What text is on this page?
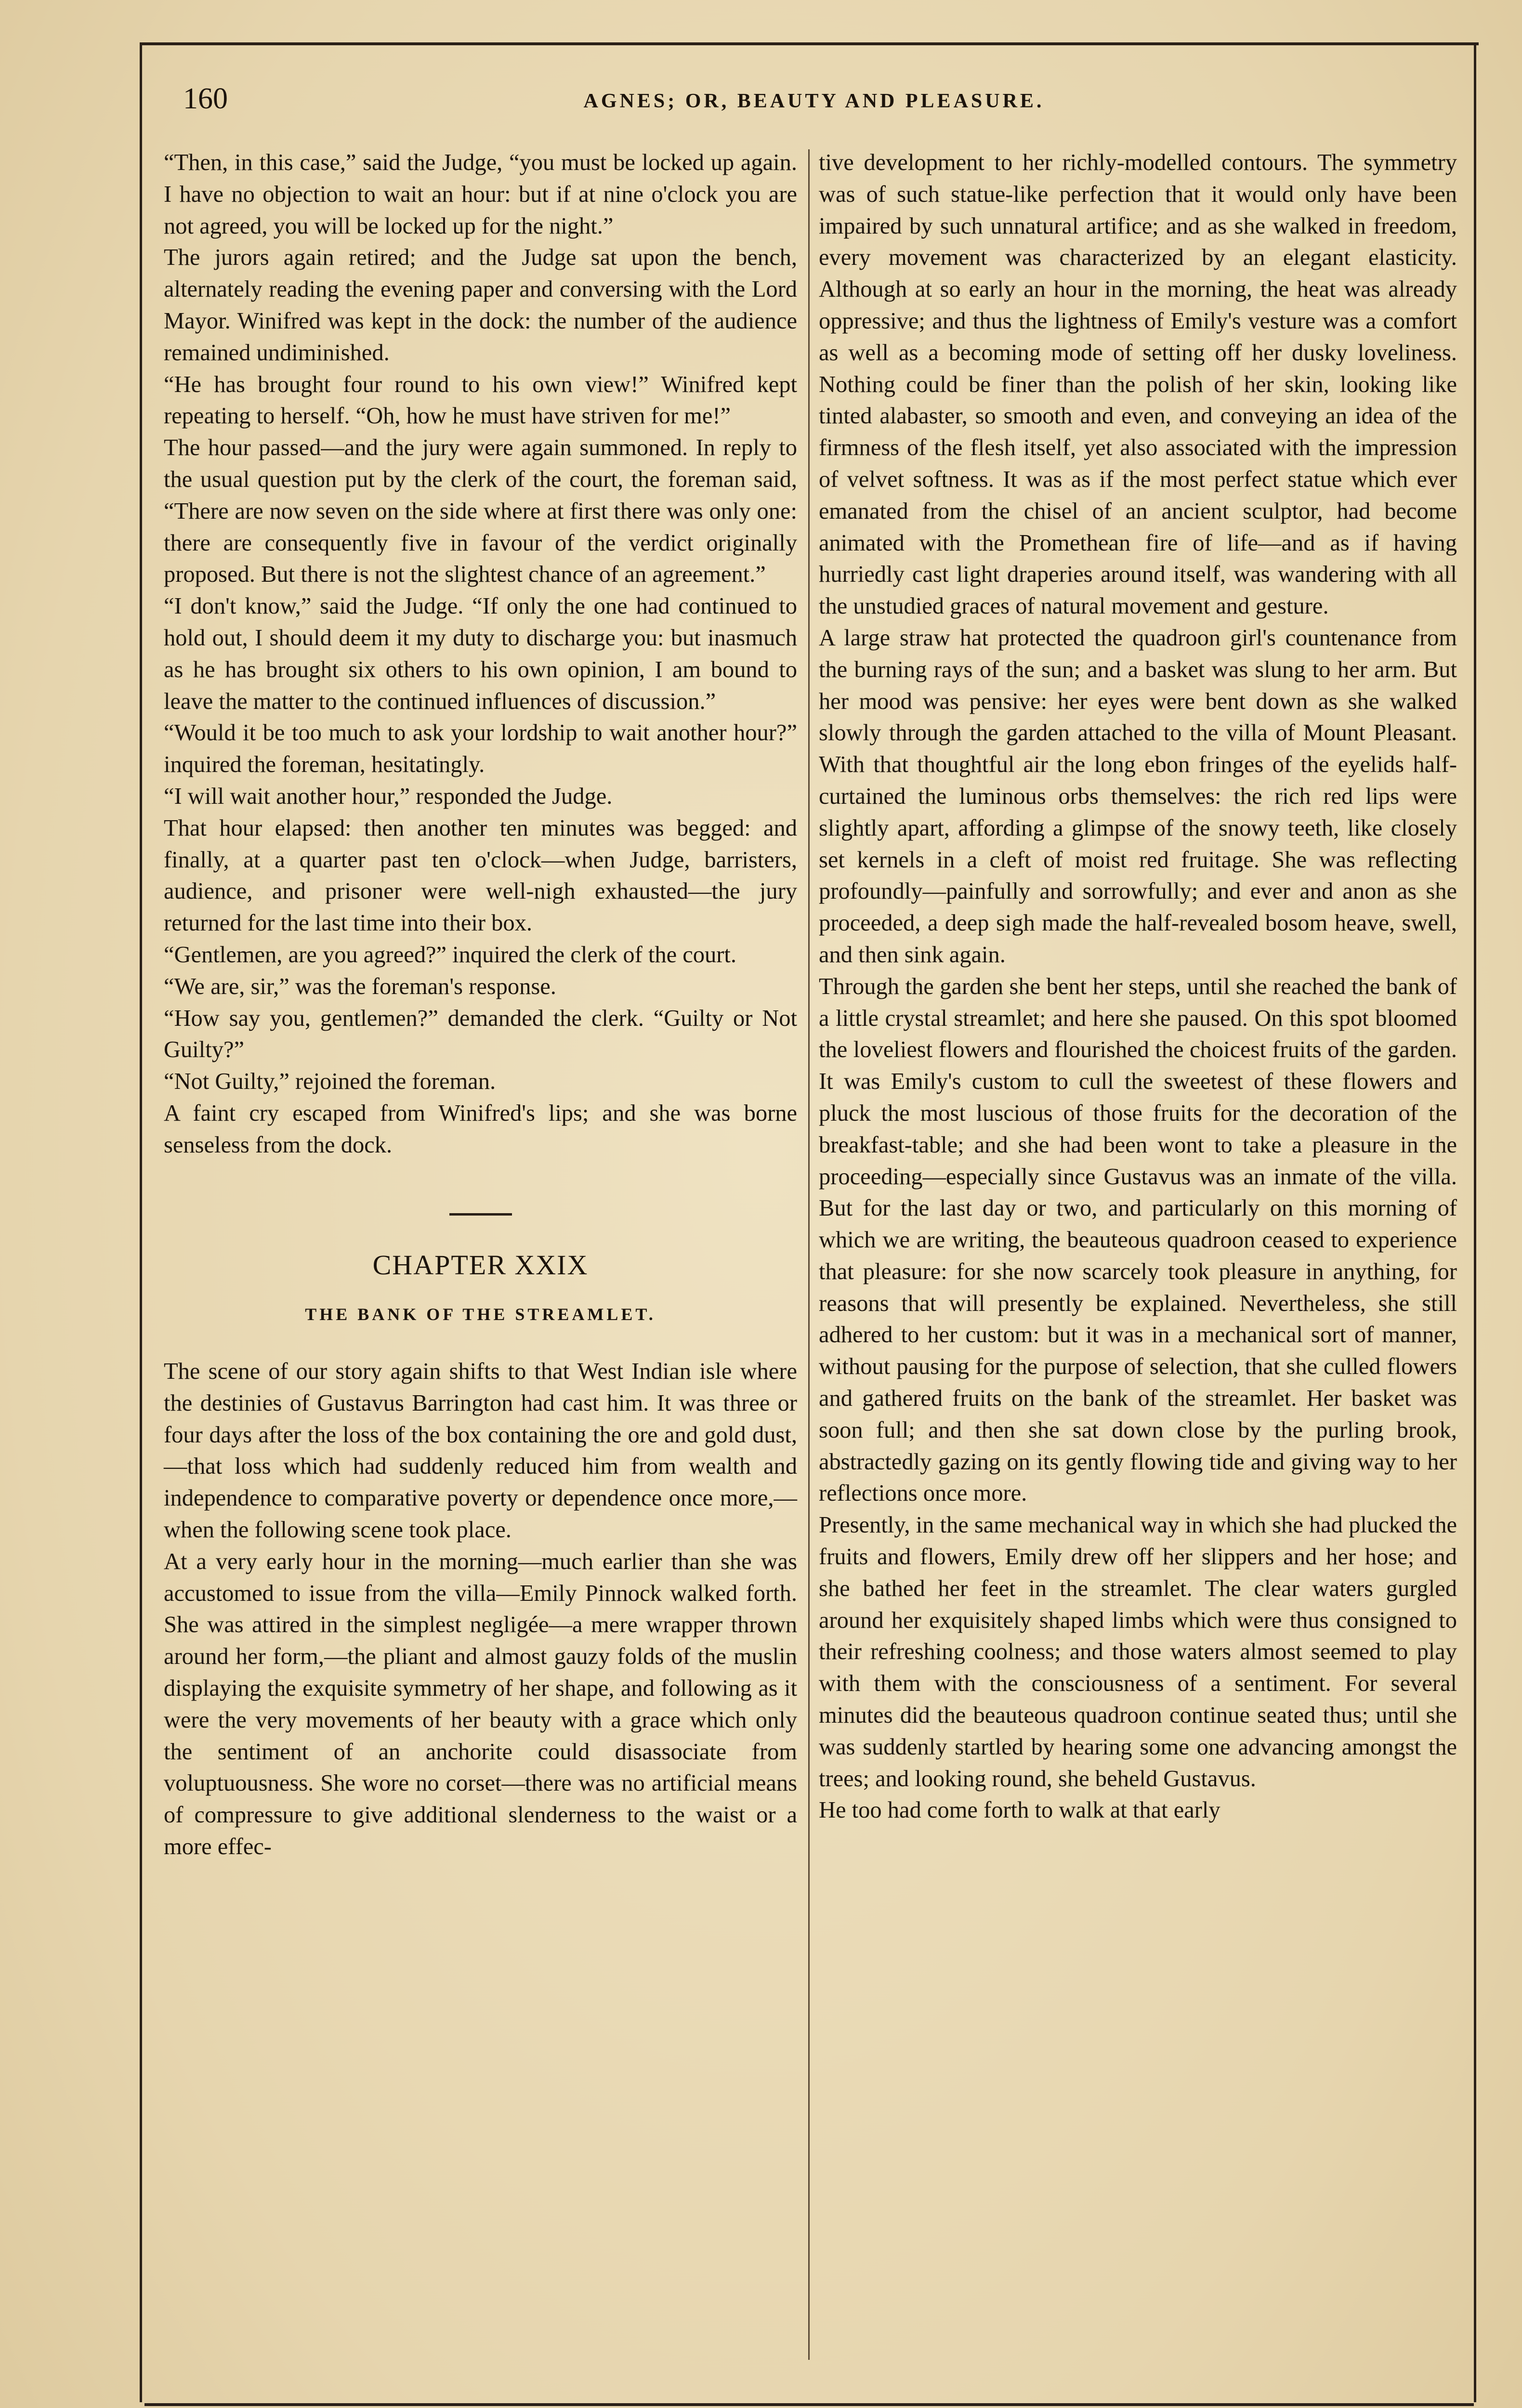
160	AGNES; OR, BEAUTY AND PLEASURE.

“Then, in this case,” said the Judge, “you must be locked up again. I have no objection to wait an hour: but if at nine o'clock you are not agreed, you will be locked up for the night.”

The jurors again retired; and the Judge sat upon the bench, alternately reading the evening paper and conversing with the Lord Mayor. Winifred was kept in the dock: the number of the audience remained undiminished.

“He has brought four round to his own view!” Winifred kept repeating to herself. “Oh, how he must have striven for me!”

The hour passed—and the jury were again summoned. In reply to the usual question put by the clerk of the court, the foreman said, “There are now seven on the side where at first there was only one: there are consequently five in favour of the verdict originally proposed. But there is not the slightest chance of an agreement.”

“I don't know,” said the Judge. “If only the one had continued to hold out, I should deem it my duty to discharge you: but inasmuch as he has brought six others to his own opinion, I am bound to leave the matter to the continued influences of discussion.”

“Would it be too much to ask your lordship to wait another hour?” inquired the foreman, hesitatingly.

“I will wait another hour,” responded the Judge.

That hour elapsed: then another ten minutes was begged: and finally, at a quarter past ten o'clock—when Judge, barristers, audience, and prisoner were well-nigh exhausted—the jury returned for the last time into their box.

“Gentlemen, are you agreed?” inquired the clerk of the court.

“We are, sir,” was the foreman's response.

“How say you, gentlemen?” demanded the clerk. “Guilty or Not Guilty?”

“Not Guilty,” rejoined the foreman.

A faint cry escaped from Winifred's lips; and she was borne senseless from the dock.

CHAPTER XXIX

THE BANK OF THE STREAMLET.

The scene of our story again shifts to that West Indian isle where the destinies of Gustavus Barrington had cast him. It was three or four days after the loss of the box containing the ore and gold dust,—that loss which had suddenly reduced him from wealth and independence to comparative poverty or dependence once more,—when the following scene took place.

At a very early hour in the morning—much earlier than she was accustomed to issue from the villa—Emily Pinnock walked forth. She was attired in the simplest negligée—a mere wrapper thrown around her form,—the pliant and almost gauzy folds of the muslin displaying the exquisite symmetry of her shape, and following as it were the very movements of her beauty with a grace which only the sentiment of an anchorite could disassociate from voluptuousness. She wore no corset—there was no artificial means of compressure to give additional slenderness to the waist or a more effec-

tive development to her richly-modelled contours. The symmetry was of such statue-like perfection that it would only have been impaired by such unnatural artifice; and as she walked in freedom, every movement was characterized by an elegant elasticity. Although at so early an hour in the morning, the heat was already oppressive; and thus the lightness of Emily's vesture was a comfort as well as a becoming mode of setting off her dusky loveliness. Nothing could be finer than the polish of her skin, looking like tinted alabaster, so smooth and even, and conveying an idea of the firmness of the flesh itself, yet also associated with the impression of velvet softness. It was as if the most perfect statue which ever emanated from the chisel of an ancient sculptor, had become animated with the Promethean fire of life—and as if having hurriedly cast light draperies around itself, was wandering with all the unstudied graces of natural movement and gesture.

A large straw hat protected the quadroon girl's countenance from the burning rays of the sun; and a basket was slung to her arm. But her mood was pensive: her eyes were bent down as she walked slowly through the garden attached to the villa of Mount Pleasant. With that thoughtful air the long ebon fringes of the eyelids half-curtained the luminous orbs themselves: the rich red lips were slightly apart, affording a glimpse of the snowy teeth, like closely set kernels in a cleft of moist red fruitage. She was reflecting profoundly—painfully and sorrowfully; and ever and anon as she proceeded, a deep sigh made the half-revealed bosom heave, swell, and then sink again.

Through the garden she bent her steps, until she reached the bank of a little crystal streamlet; and here she paused. On this spot bloomed the loveliest flowers and flourished the choicest fruits of the garden. It was Emily's custom to cull the sweetest of these flowers and pluck the most luscious of those fruits for the decoration of the breakfast-table; and she had been wont to take a pleasure in the proceeding—especially since Gustavus was an inmate of the villa. But for the last day or two, and particularly on this morning of which we are writing, the beauteous quadroon ceased to experience that pleasure: for she now scarcely took pleasure in anything, for reasons that will presently be explained. Nevertheless, she still adhered to her custom: but it was in a mechanical sort of manner, without pausing for the purpose of selection, that she culled flowers and gathered fruits on the bank of the streamlet. Her basket was soon full; and then she sat down close by the purling brook, abstractedly gazing on its gently flowing tide and giving way to her reflections once more.

Presently, in the same mechanical way in which she had plucked the fruits and flowers, Emily drew off her slippers and her hose; and she bathed her feet in the streamlet. The clear waters gurgled around her exquisitely shaped limbs which were thus consigned to their refreshing coolness; and those waters almost seemed to play with them with the consciousness of a sentiment. For several minutes did the beauteous quadroon continue seated thus; until she was suddenly startled by hearing some one advancing amongst the trees; and looking round, she beheld Gustavus.

He too had come forth to walk at that early
